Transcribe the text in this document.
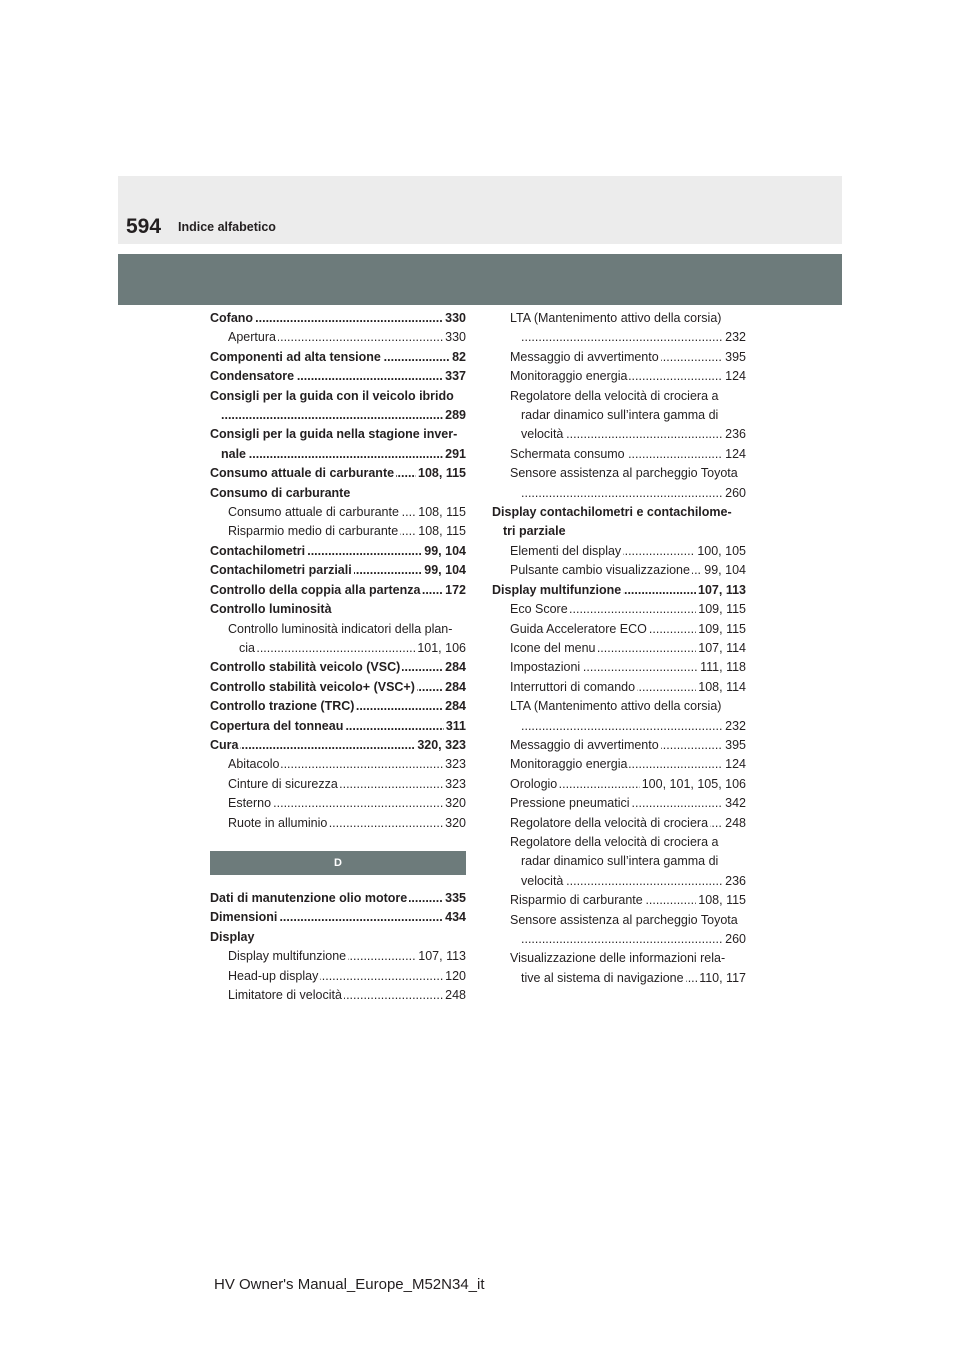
594 Indice alfabetico
.....
330
Cofano
.....
330
Apertura
.....
82
Componenti ad alta tensione
.....
337
Condensatore
Consigli per la guida con il veicolo ibrido
.....
289
Consigli per la guida nella stagione inver-
.....
291
nale
.....
108, 115
Consumo attuale di carburante
Consumo di carburante
.....
108, 115
Consumo attuale di carburante
.....
108, 115
Risparmio medio di carburante
.....
99, 104
Contachilometri
.....
99, 104
Contachilometri parziali
.....
172
Controllo della coppia alla partenza
Controllo luminosità
Controllo luminosità indicatori della plan-
.....
101, 106
cia
.....
284
Controllo stabilità veicolo (VSC)
.....
284
Controllo stabilità veicolo+ (VSC+)
.....
284
Controllo trazione (TRC)
.....
311
Copertura del tonneau
.....
320, 323
Cura
.....
323
Abitacolo
.....
323
Cinture di sicurezza
.....
320
Esterno
.....
320
Ruote in alluminio
D
.....
335
Dati di manutenzione olio motore
.....
434
Dimensioni
Display
.....
107, 113
Display multifunzione
.....
120
Head-up display
.....
248
Limitatore di velocità
LTA (Mantenimento attivo della corsia)
.....
232
.....
395
Messaggio di avvertimento
.....
124
Monitoraggio energia
Regolatore della velocità di crociera a
radar dinamico sull’intera gamma di
.....
236
velocità
.....
124
Schermata consumo
Sensore assistenza al parcheggio Toyota
.....
260
Display contachilometri e contachilome-
tri parziale
.....
100, 105
Elementi del display
.....
99, 104
Pulsante cambio visualizzazione
.....
107, 113
Display multifunzione
.....
109, 115
Eco Score
.....
109, 115
Guida Acceleratore ECO
.....
107, 114
Icone del menu
.....
111, 118
Impostazioni
.....
108, 114
Interruttori di comando
LTA (Mantenimento attivo della corsia)
.....
232
.....
395
Messaggio di avvertimento
.....
124
Monitoraggio energia
.....
100, 101, 105, 106
Orologio
.....
342
Pressione pneumatici
.....
248
Regolatore della velocità di crociera
Regolatore della velocità di crociera a
radar dinamico sull’intera gamma di
.....
236
velocità
.....
108, 115
Risparmio di carburante
Sensore assistenza al parcheggio Toyota
.....
260
Visualizzazione delle informazioni rela-
.....
110, 117
tive al sistema di navigazione
HV Owner's Manual_Europe_M52N34_it
